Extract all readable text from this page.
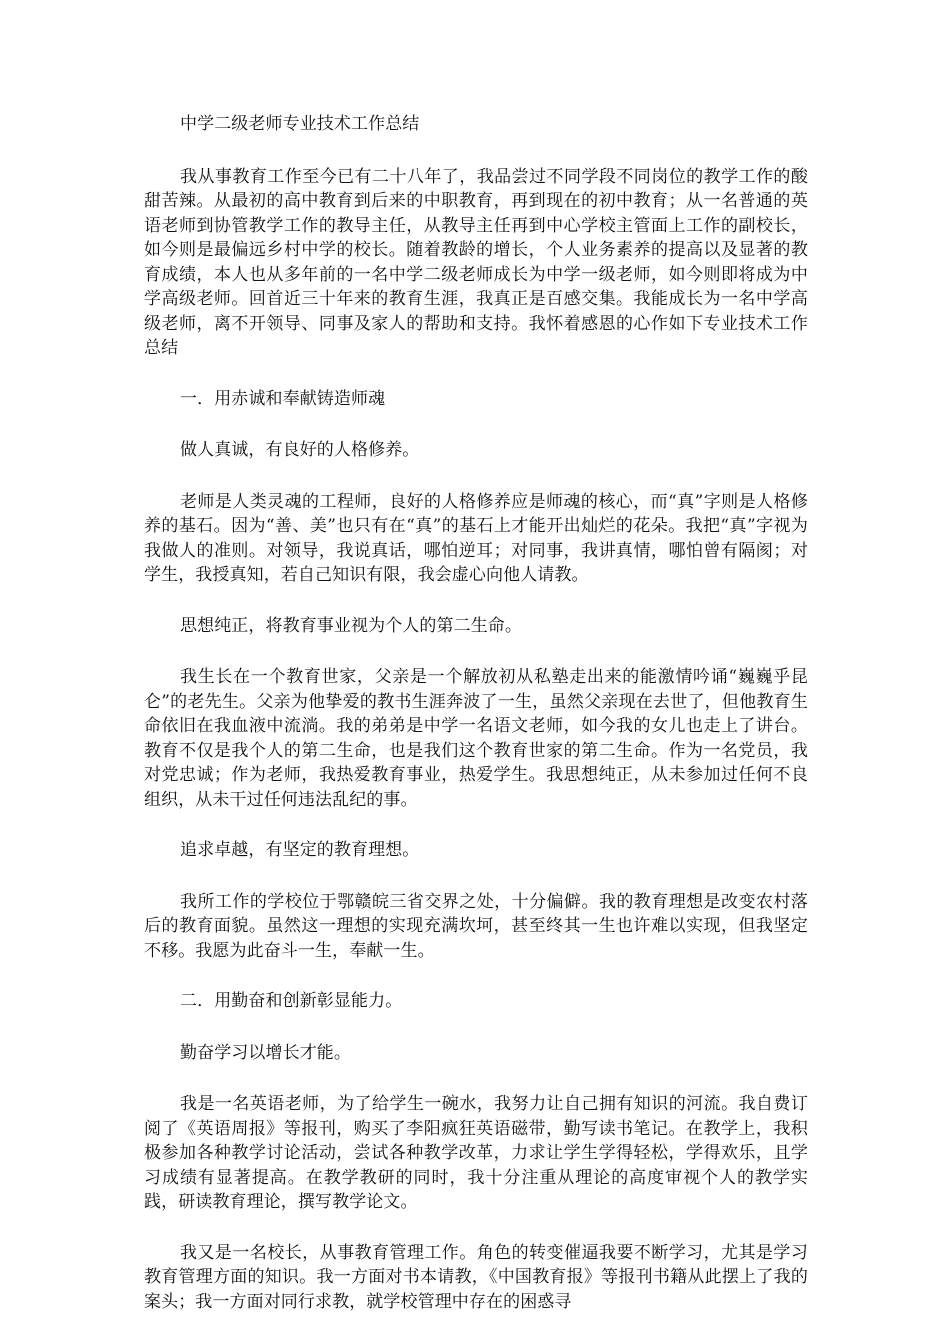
中学二级老师专业技术工作总结

我从事教育工作至今已有二十八年了，我品尝过不同学段不同岗位的教学工作的酸甜苦辣。从最初的高中教育到后来的中职教育，再到现在的初中教育；从一名普通的英语老师到协管教学工作的教导主任，从教导主任再到中心学校主管面上工作的副校长，如今则是最偏远乡村中学的校长。随着教龄的增长，个人业务素养的提高以及显著的教育成绩，本人也从多年前的一名中学二级老师成长为中学一级老师，如今则即将成为中学高级老师。回首近三十年来的教育生涯，我真正是百感交集。我能成长为一名中学高级老师，离不开领导、同事及家人的帮助和支持。我怀着感恩的心作如下专业技术工作总结

一．用赤诚和奉献铸造师魂

做人真诚，有良好的人格修养。

老师是人类灵魂的工程师，良好的人格修养应是师魂的核心，而“真”字则是人格修养的基石。因为“善、美”也只有在“真”的基石上才能开出灿烂的花朵。我把“真”字视为我做人的准则。对领导，我说真话，哪怕逆耳；对同事，我讲真情，哪怕曾有隔阂；对学生，我授真知，若自己知识有限，我会虚心向他人请教。

思想纯正，将教育事业视为个人的第二生命。

我生长在一个教育世家，父亲是一个解放初从私塾走出来的能激情吟诵“巍巍乎昆仑”的老先生。父亲为他挚爱的教书生涯奔波了一生，虽然父亲现在去世了，但他教育生命依旧在我血液中流淌。我的弟弟是中学一名语文老师，如今我的女儿也走上了讲台。教育不仅是我个人的第二生命，也是我们这个教育世家的第二生命。作为一名党员，我对党忠诚；作为老师，我热爱教育事业，热爱学生。我思想纯正，从未参加过任何不良组织，从未干过任何违法乱纪的事。

追求卓越，有坚定的教育理想。

我所工作的学校位于鄂赣皖三省交界之处，十分偏僻。我的教育理想是改变农村落后的教育面貌。虽然这一理想的实现充满坎坷，甚至终其一生也许难以实现，但我坚定不移。我愿为此奋斗一生，奉献一生。

二．用勤奋和创新彰显能力。

勤奋学习以增长才能。

我是一名英语老师，为了给学生一碗水，我努力让自己拥有知识的河流。我自费订阅了《英语周报》等报刊，购买了李阳疯狂英语磁带，勤写读书笔记。在教学上，我积极参加各种教学讨论活动，尝试各种教学改革，力求让学生学得轻松，学得欢乐，且学习成绩有显著提高。在教学教研的同时，我十分注重从理论的高度审视个人的教学实践，研读教育理论，撰写教学论文。

我又是一名校长，从事教育管理工作。角色的转变催逼我要不断学习，尤其是学习教育管理方面的知识。我一方面对书本请教，《中国教育报》等报刊书籍从此摆上了我的案头；我一方面对同行求教，就学校管理中存在的困惑寻
